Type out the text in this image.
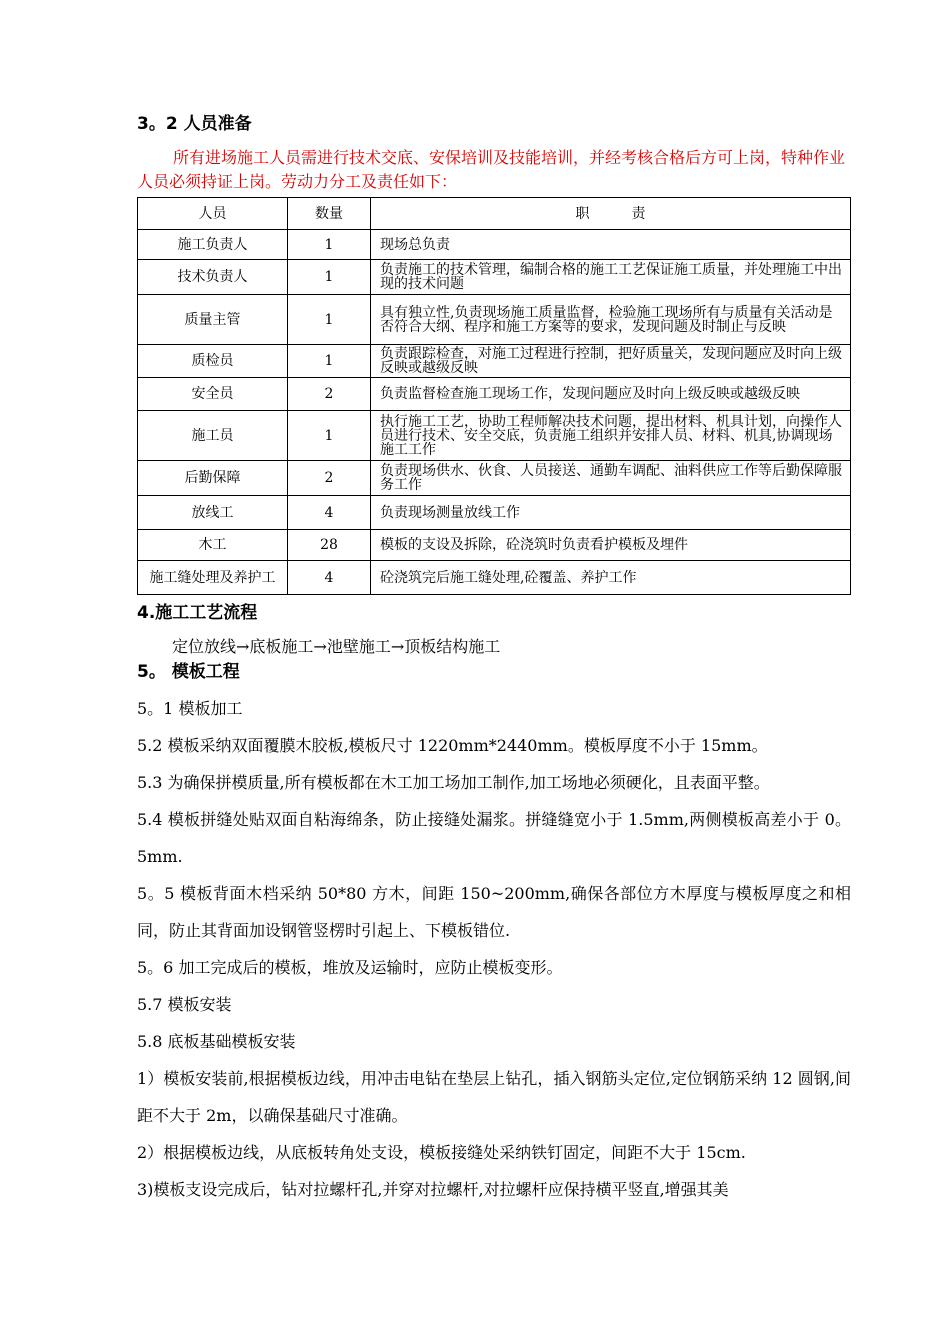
3。2 人员准备
所有进场施工人员需进行技术交底、安保培训及技能培训，并经考核合格后方可上岗，特种作业人员必须持证上岗。劳动力分工及责任如下：
人员	数量	职　　　责
施工负责人	1	现场总负责
技术负责人	1	负责施工的技术管理，编制合格的施工工艺保证施工质量，并处理施工中出现的技术问题
质量主管	1	具有独立性,负责现场施工质量监督，检验施工现场所有与质量有关活动是否符合大纲、程序和施工方案等的要求，发现问题及时制止与反映
质检员	1	负责跟踪检查，对施工过程进行控制，把好质量关，发现问题应及时向上级反映或越级反映
安全员	2	负责监督检查施工现场工作，发现问题应及时向上级反映或越级反映
施工员	1	执行施工工艺，协助工程师解决技术问题，提出材料、机具计划，向操作人员进行技术、安全交底，负责施工组织并安排人员、材料、机具,协调现场施工工作
后勤保障	2	负责现场供水、伙食、人员接送、通勤车调配、油料供应工作等后勤保障服务工作
放线工	4	负责现场测量放线工作
木工	28	模板的支设及拆除，砼浇筑时负责看护模板及埋件
施工缝处理及养护工	4	砼浇筑完后施工缝处理,砼覆盖、养护工作
4.施工工艺流程
定位放线→底板施工→池壁施工→顶板结构施工
5。 模板工程

5。1 模板加工

5.2 模板采纳双面覆膜木胶板,模板尺寸 1220mm*2440mm。模板厚度不小于 15mm。

5.3 为确保拼模质量,所有模板都在木工加工场加工制作,加工场地必须硬化，且表面平整。

5.4 模板拼缝处贴双面自粘海绵条，防止接缝处漏浆。拼缝缝宽小于 1.5mm,两侧模板高差小于 0。5mm.

5。5 模板背面木档采纳 50*80 方木，间距 150~200mm,确保各部位方木厚度与模板厚度之和相同，防止其背面加设钢管竖楞时引起上、下模板错位.

5。6 加工完成后的模板，堆放及运输时，应防止模板变形。

5.7 模板安装

5.8 底板基础模板安装

1）模板安装前,根据模板边线，用冲击电钻在垫层上钻孔，插入钢筋头定位,定位钢筋采纳 12 圆钢,间距不大于 2m，以确保基础尺寸准确。

2）根据模板边线，从底板转角处支设，模板接缝处采纳铁钉固定，间距不大于 15cm.

3)模板支设完成后，钻对拉螺杆孔,并穿对拉螺杆,对拉螺杆应保持横平竖直,增强其美
